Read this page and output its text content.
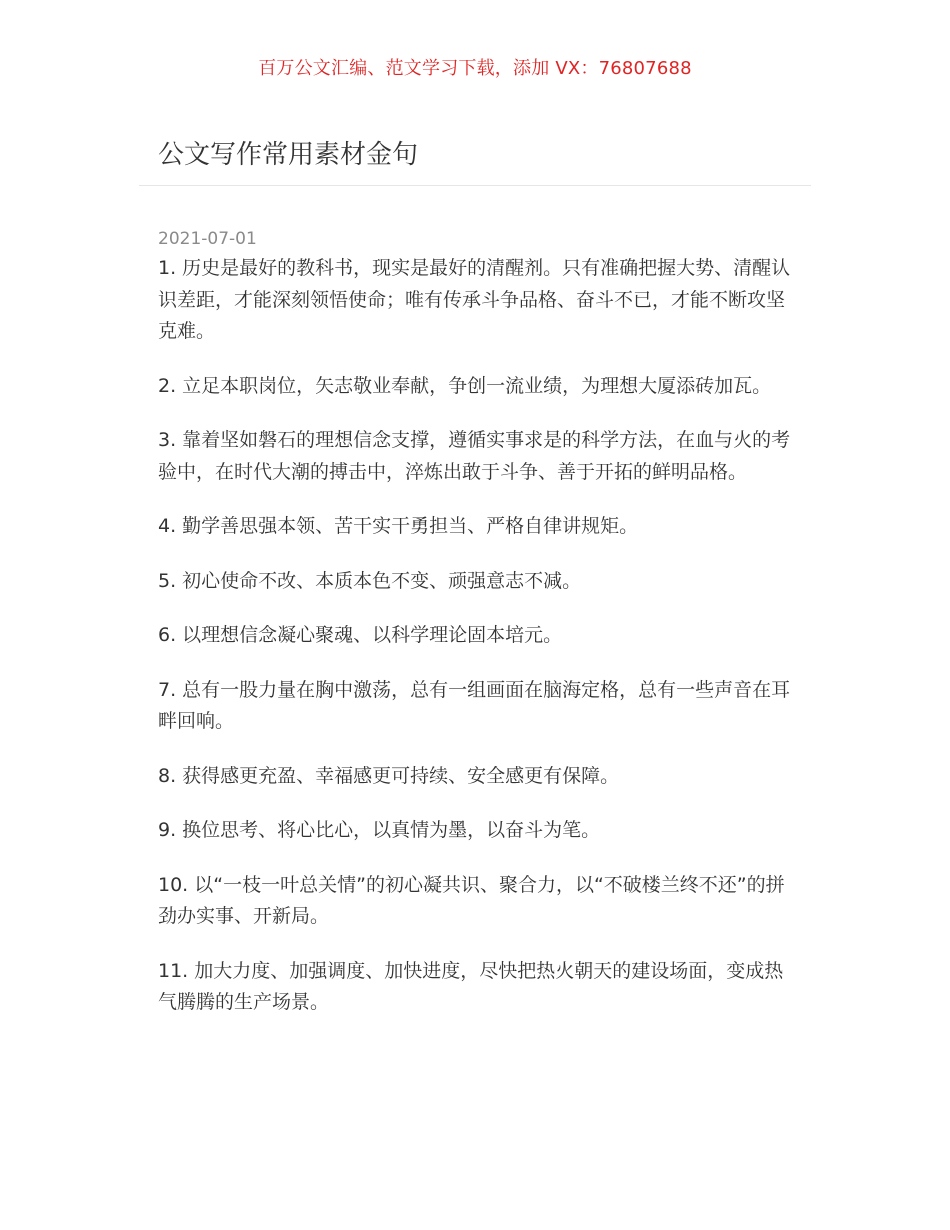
百万公文汇编、范文学习下载，添加 VX：76807688
公文写作常用素材金句
2021-07-01

1. 历史是最好的教科书，现实是最好的清醒剂。只有准确把握大势、清醒认识差距，才能深刻领悟使命；唯有传承斗争品格、奋斗不已，才能不断攻坚克难。

2. 立足本职岗位，矢志敬业奉献，争创一流业绩，为理想大厦添砖加瓦。

3. 靠着坚如磐石的理想信念支撑，遵循实事求是的科学方法，在血与火的考验中，在时代大潮的搏击中，淬炼出敢于斗争、善于开拓的鲜明品格。

4. 勤学善思强本领、苦干实干勇担当、严格自律讲规矩。

5. 初心使命不改、本质本色不变、顽强意志不减。

6. 以理想信念凝心聚魂、以科学理论固本培元。

7. 总有一股力量在胸中激荡，总有一组画面在脑海定格，总有一些声音在耳畔回响。

8. 获得感更充盈、幸福感更可持续、安全感更有保障。

9. 换位思考、将心比心，以真情为墨，以奋斗为笔。

10. 以“一枝一叶总关情”的初心凝共识、聚合力，以“不破楼兰终不还”的拼劲办实事、开新局。

11. 加大力度、加强调度、加快进度，尽快把热火朝天的建设场面，变成热气腾腾的生产场景。
